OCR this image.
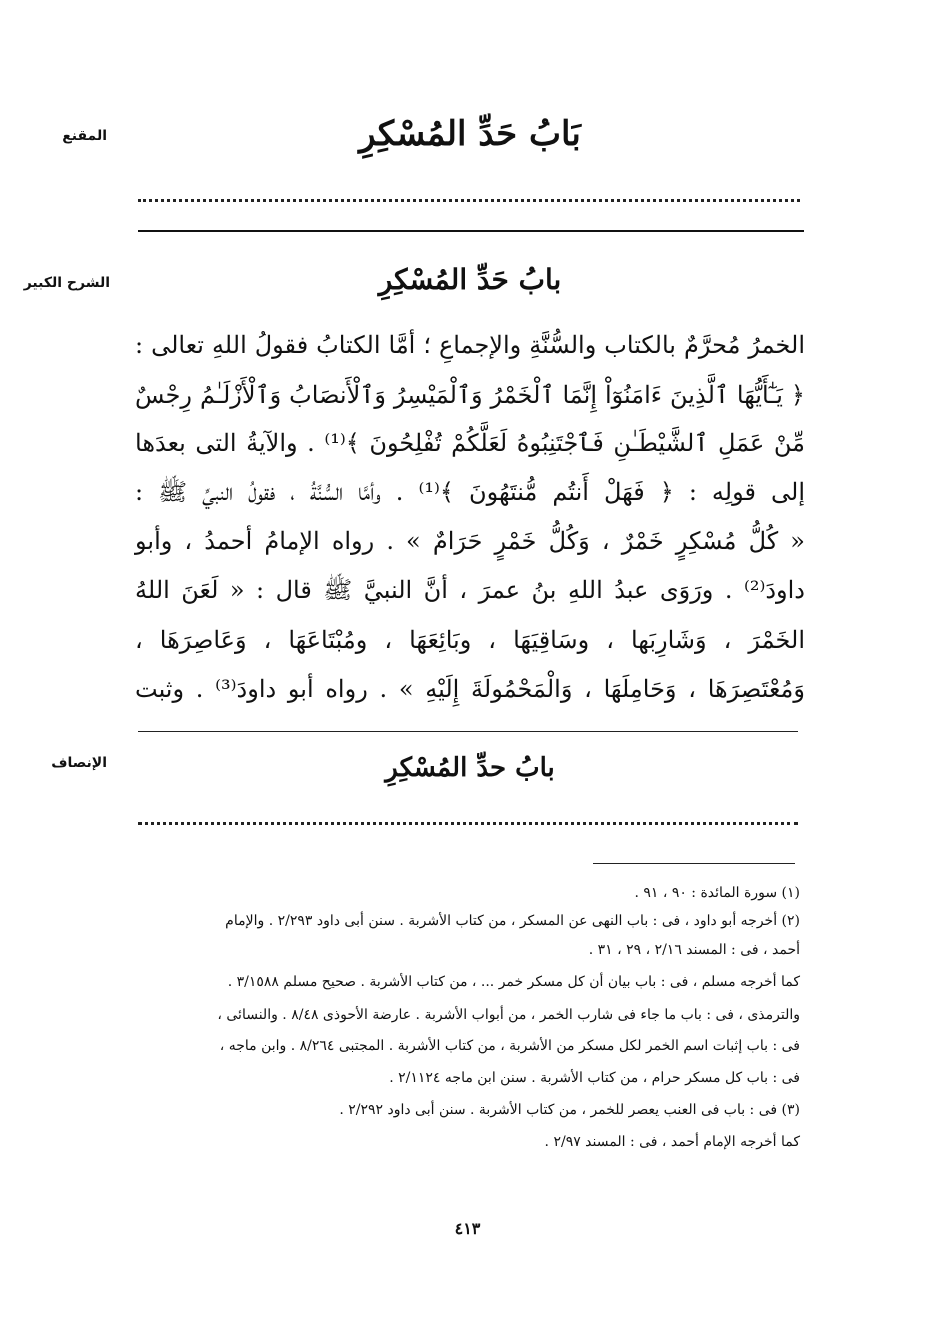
المقنع
الشرح الكبير
الإنصاف
بَابُ حَدِّ المُسْكِرِ
بابُ حَدِّ المُسْكِرِ
الخمرُ مُحرَّمٌ بالكتاب والسُّنَّةِ والإجماعِ ؛ أمَّا الكتابُ فقولُ اللهِ تعالى :
﴿ يَـٰٓأَيُّهَا ٱلَّذِينَ ءَامَنُوٓاْ إِنَّمَا ٱلْخَمْرُ وَٱلْمَيْسِرُ وَٱلْأَنصَابُ وَٱلْأَزْلَـٰمُ رِجْسٌ
مِّنْ عَمَلِ ٱلشَّيْطَـٰنِ فَٱجْتَنِبُوهُ لَعَلَّكُمْ تُفْلِحُونَ ﴾⁽¹⁾ . والآيةُ التى بعدَها
إلى قولِه : ﴿ فَهَلْ أَنتُم مُّنتَهُونَ ﴾⁽¹⁾ . وأمَّا السُّنَّةُ ، فقولُ النبيِّ ﷺ :
« كُلُّ مُسْكِرٍ خَمْرٌ ، وَكُلُّ خَمْرٍ حَرَامٌ » . رواه الإمامُ أحمدُ ، وأبو
داودَ⁽²⁾ . ورَوَى عبدُ اللهِ بنُ عمرَ ، أنَّ النبيَّ ﷺ قال : « لَعَنَ اللهُ
الخَمْرَ ، وَشَارِبَها ، وسَاقِيَهَا ، وبَائِعَهَا ، ومُبْتَاعَهَا ، وَعَاصِرَهَا ،
وَمُعْتَصِرَهَا ، وَحَامِلَهَا ، وَالْمَحْمُولَةَ إِلَيْهِ » . رواه أبو داودَ⁽³⁾ . وثبت
بابُ حدِّ المُسْكِرِ
(١) سورة المائدة : ٩٠ ، ٩١ .
(٢) أخرجه أبو داود ، فى : باب النهى عن المسكر ، من كتاب الأشربة . سنن أبى داود ٢/٢٩٣ . والإمام
أحمد ، فى : المسند ٢/١٦ ، ٢٩ ، ٣١ .
كما أخرجه مسلم ، فى : باب بيان أن كل مسكر خمر ... ، من كتاب الأشربة . صحيح مسلم ٣/١٥٨٨ .
والترمذى ، فى : باب ما جاء فى شارب الخمر ، من أبواب الأشربة . عارضة الأحوذى ٨/٤٨ . والنسائى ،
فى : باب إثبات اسم الخمر لكل مسكر من الأشربة ، من كتاب الأشربة . المجتبى ٨/٢٦٤ . وابن ماجه ،
فى : باب كل مسكر حرام ، من كتاب الأشربة . سنن ابن ماجه ٢/١١٢٤ .
(٣) فى : باب فى العنب يعصر للخمر ، من كتاب الأشربة . سنن أبى داود ٢/٢٩٢ .
كما أخرجه الإمام أحمد ، فى : المسند ٢/٩٧ .
٤١٣
